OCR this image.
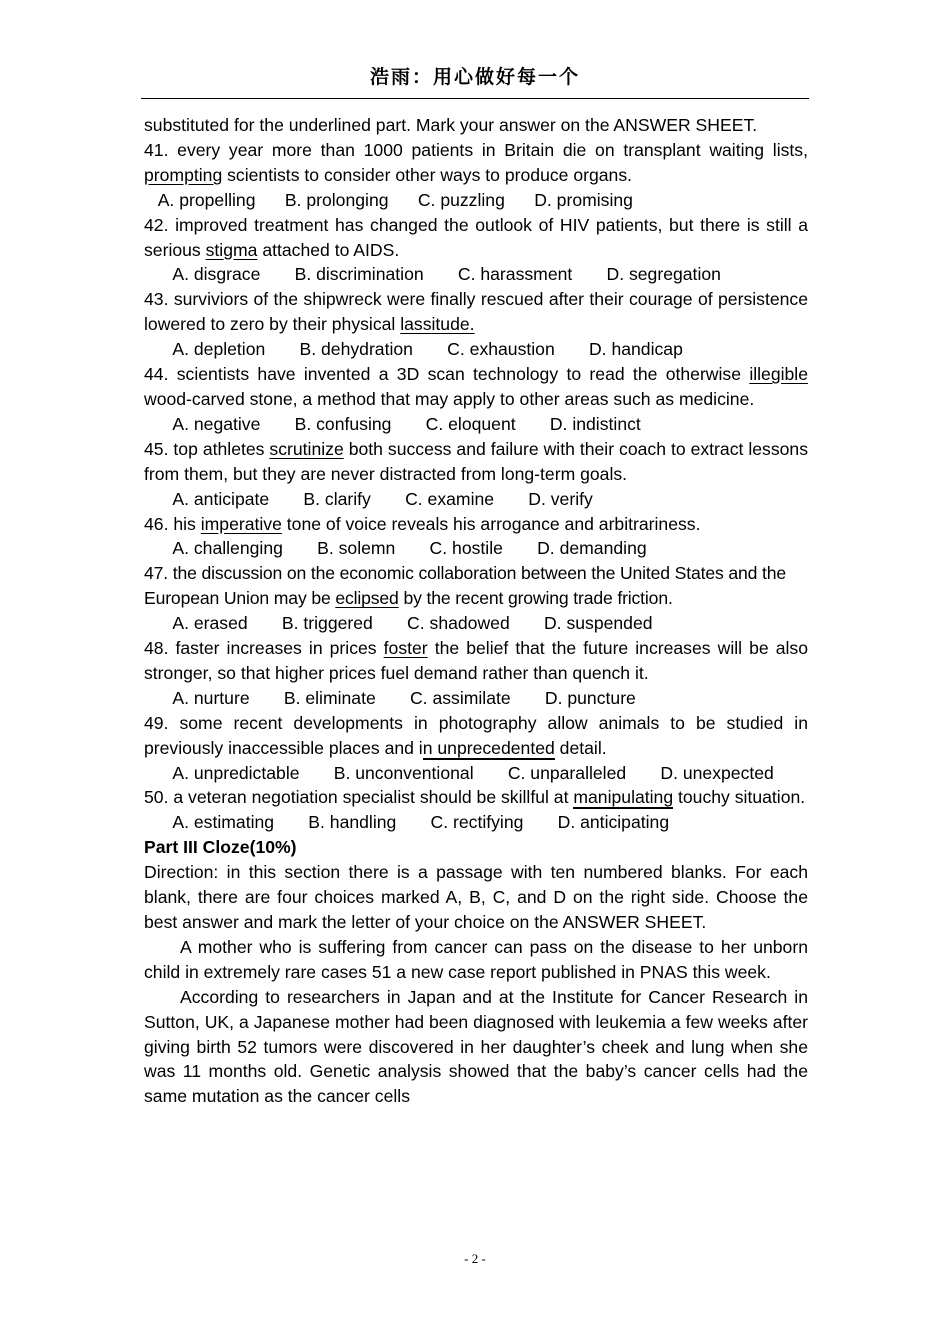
浩雨：用心做好每一个

substituted for the underlined part. Mark your answer on the ANSWER SHEET.

41. every year more than 1000 patients in Britain die on transplant waiting lists, prompting scientists to consider other ways to produce organs.

A. propelling      B. prolonging      C. puzzling      D. promising

42. improved treatment has changed the outlook of HIV patients, but there is still a serious stigma attached to AIDS.

A. disgrace       B. discrimination       C. harassment       D. segregation

43. surviviors of the shipwreck were finally rescued after their courage of persistence lowered to zero by their physical lassitude.

A. depletion       B. dehydration       C. exhaustion       D. handicap

44. scientists have invented a 3D scan technology to read the otherwise illegible wood-carved stone, a method that may apply to other areas such as medicine.

A. negative       B. confusing       C. eloquent       D. indistinct

45. top athletes scrutinize both success and failure with their coach to extract lessons from them, but they are never distracted from long-term goals.

A. anticipate       B. clarify       C. examine       D. verify

46. his imperative tone of voice reveals his arrogance and arbitrariness.

A. challenging       B. solemn       C. hostile       D. demanding

47. the discussion on the economic collaboration between the United States and the European Union may be eclipsed by the recent growing trade friction.

A. erased       B. triggered       C. shadowed       D. suspended

48. faster increases in prices foster the belief that the future increases will be also stronger, so that higher prices fuel demand rather than quench it.

A. nurture       B. eliminate       C. assimilate       D. puncture

49. some recent developments in photography allow animals to be studied in previously inaccessible places and in unprecedented detail.

A. unpredictable       B. unconventional       C. unparalleled       D. unexpected

50. a veteran negotiation specialist should be skillful at manipulating touchy situation.

A. estimating       B. handling       C. rectifying       D. anticipating

Part III Cloze(10%)

Direction: in this section there is a passage with ten numbered blanks. For each blank, there are four choices marked A, B, C, and D on the right side. Choose the best answer and mark the letter of your choice on the ANSWER SHEET.

A mother who is suffering from cancer can pass on the disease to her unborn child in extremely rare cases 51 a new case report published in PNAS this week.

According to researchers in Japan and at the Institute for Cancer Research in Sutton, UK, a Japanese mother had been diagnosed with leukemia a few weeks after giving birth 52 tumors were discovered in her daughter’s cheek and lung when she was 11 months old. Genetic analysis showed that the baby’s cancer cells had the same mutation as the cancer cells

- 2 -
